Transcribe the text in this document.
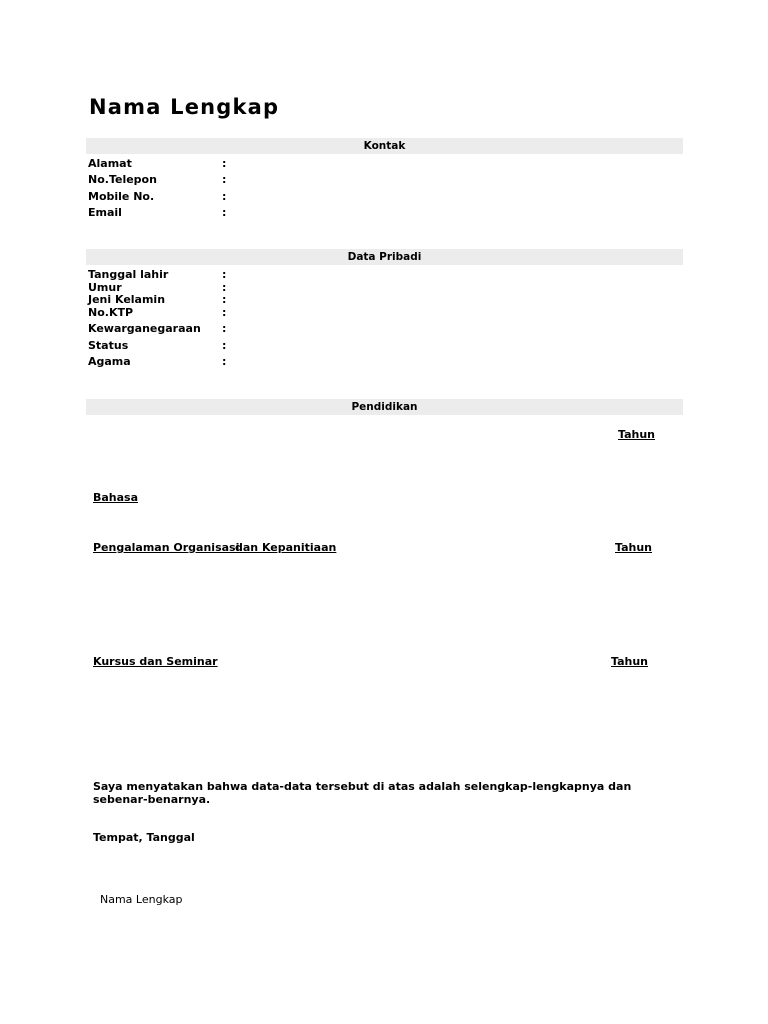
Nama Lengkap
Kontak
Alamat	:
No.Telepon	:
Mobile No.	:
Email	:
Data Pribadi
Tanggal lahir	:
Umur	:
Jeni Kelamin	:
No.KTP	:
Kewarganegaraan :
Status	:
Agama	:
Pendidikan
Tahun
Bahasa
Pengalaman Organisasi
dan Kepanitiaan	Tahun
Kursus dan Seminar	Tahun
Saya menyatakan bahwa data-data tersebut di atas adalah selengkap-lengkapnya dan sebenar-benarnya.
Tempat, Tanggal
Nama Lengkap
